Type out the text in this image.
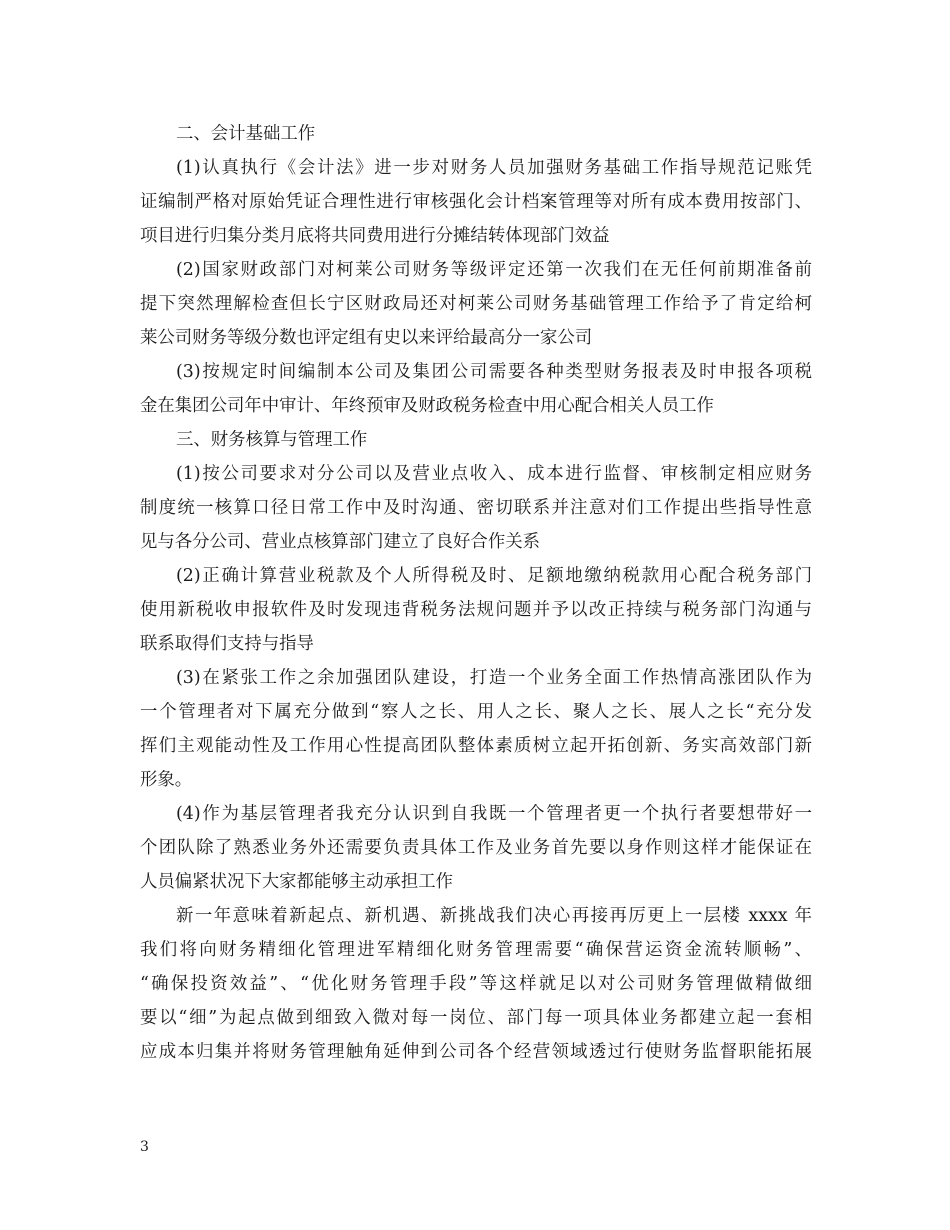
二、会计基础工作
(1)认真执行《会计法》进一步对财务人员加强财务基础工作指导规范记账凭
证编制严格对原始凭证合理性进行审核强化会计档案管理等对所有成本费用按部门、
项目进行归集分类月底将共同费用进行分摊结转体现部门效益
(2)国家财政部门对柯莱公司财务等级评定还第一次我们在无任何前期准备前
提下突然理解检查但长宁区财政局还对柯莱公司财务基础管理工作给予了肯定给柯
莱公司财务等级分数也评定组有史以来评给最高分一家公司
(3)按规定时间编制本公司及集团公司需要各种类型财务报表及时申报各项税
金在集团公司年中审计、年终预审及财政税务检查中用心配合相关人员工作
三、财务核算与管理工作
(1)按公司要求对分公司以及营业点收入、成本进行监督、审核制定相应财务
制度统一核算口径日常工作中及时沟通、密切联系并注意对们工作提出些指导性意
见与各分公司、营业点核算部门建立了良好合作关系
(2)正确计算营业税款及个人所得税及时、足额地缴纳税款用心配合税务部门
使用新税收申报软件及时发现违背税务法规问题并予以改正持续与税务部门沟通与
联系取得们支持与指导
(3)在紧张工作之余加强团队建设，打造一个业务全面工作热情高涨团队作为
一个管理者对下属充分做到“察人之长、用人之长、聚人之长、展人之长“充分发
挥们主观能动性及工作用心性提高团队整体素质树立起开拓创新、务实高效部门新
形象。
(4)作为基层管理者我充分认识到自我既一个管理者更一个执行者要想带好一
个团队除了熟悉业务外还需要负责具体工作及业务首先要以身作则这样才能保证在
人员偏紧状况下大家都能够主动承担工作
新一年意味着新起点、新机遇、新挑战我们决心再接再厉更上一层楼 xxxx 年
我们将向财务精细化管理进军精细化财务管理需要“确保营运资金流转顺畅”、
“确保投资效益”、“优化财务管理手段”等这样就足以对公司财务管理做精做细
要以“细”为起点做到细致入微对每一岗位、部门每一项具体业务都建立起一套相
应成本归集并将财务管理触角延伸到公司各个经营领域透过行使财务监督职能拓展
3
